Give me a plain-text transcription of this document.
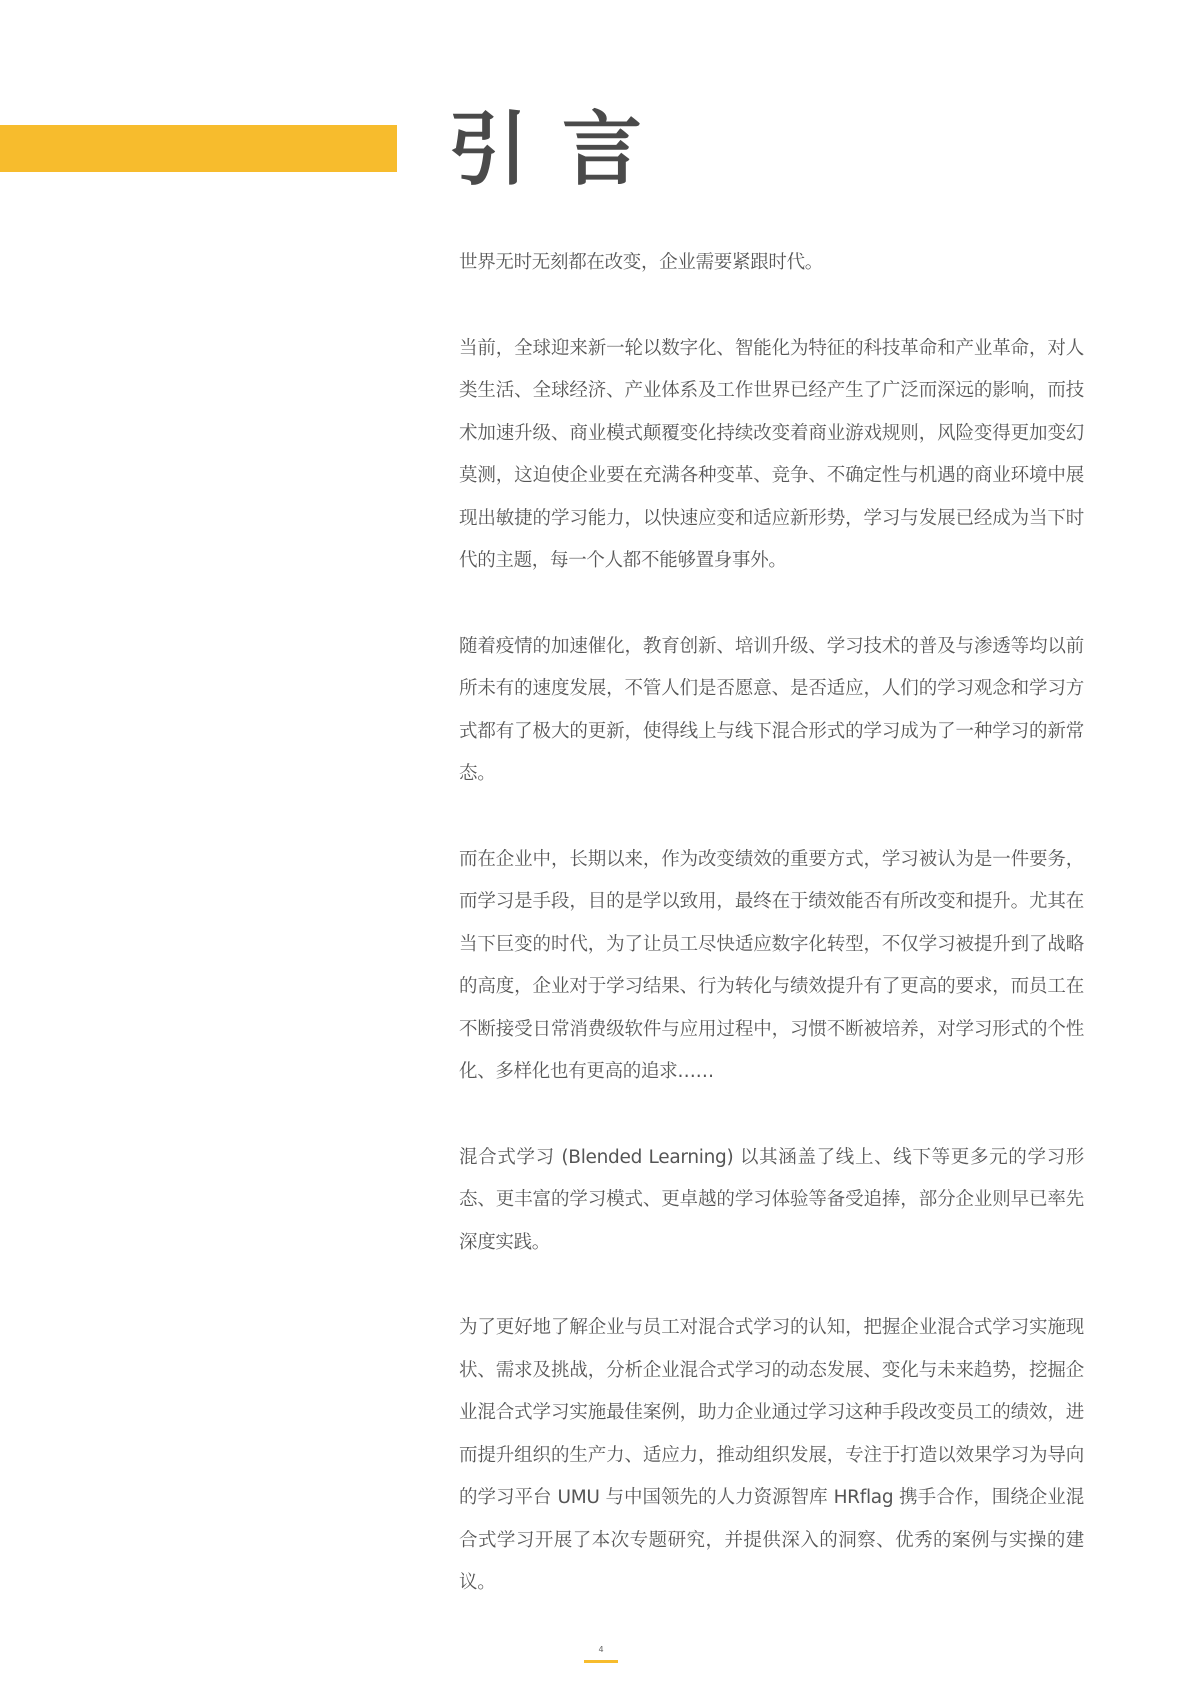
引言

世界无时无刻都在改变，企业需要紧跟时代。

当前，全球迎来新一轮以数字化、智能化为特征的科技革命和产业革命，对人类生活、全球经济、产业体系及工作世界已经产生了广泛而深远的影响，而技术加速升级、商业模式颠覆变化持续改变着商业游戏规则，风险变得更加变幻莫测，这迫使企业要在充满各种变革、竞争、不确定性与机遇的商业环境中展现出敏捷的学习能力，以快速应变和适应新形势，学习与发展已经成为当下时代的主题，每一个人都不能够置身事外。

随着疫情的加速催化，教育创新、培训升级、学习技术的普及与渗透等均以前所未有的速度发展，不管人们是否愿意、是否适应，人们的学习观念和学习方式都有了极大的更新，使得线上与线下混合形式的学习成为了一种学习的新常态。

而在企业中，长期以来，作为改变绩效的重要方式，学习被认为是一件要务，而学习是手段，目的是学以致用，最终在于绩效能否有所改变和提升。尤其在当下巨变的时代，为了让员工尽快适应数字化转型，不仅学习被提升到了战略的高度，企业对于学习结果、行为转化与绩效提升有了更高的要求，而员工在不断接受日常消费级软件与应用过程中，习惯不断被培养，对学习形式的个性化、多样化也有更高的追求……

混合式学习 (Blended Learning) 以其涵盖了线上、线下等更多元的学习形态、更丰富的学习模式、更卓越的学习体验等备受追捧，部分企业则早已率先深度实践。

为了更好地了解企业与员工对混合式学习的认知，把握企业混合式学习实施现状、需求及挑战，分析企业混合式学习的动态发展、变化与未来趋势，挖掘企业混合式学习实施最佳案例，助力企业通过学习这种手段改变员工的绩效，进而提升组织的生产力、适应力，推动组织发展，专注于打造以效果学习为导向的学习平台 UMU 与中国领先的人力资源智库 HRflag 携手合作，围绕企业混合式学习开展了本次专题研究，并提供深入的洞察、优秀的案例与实操的建议。

4
